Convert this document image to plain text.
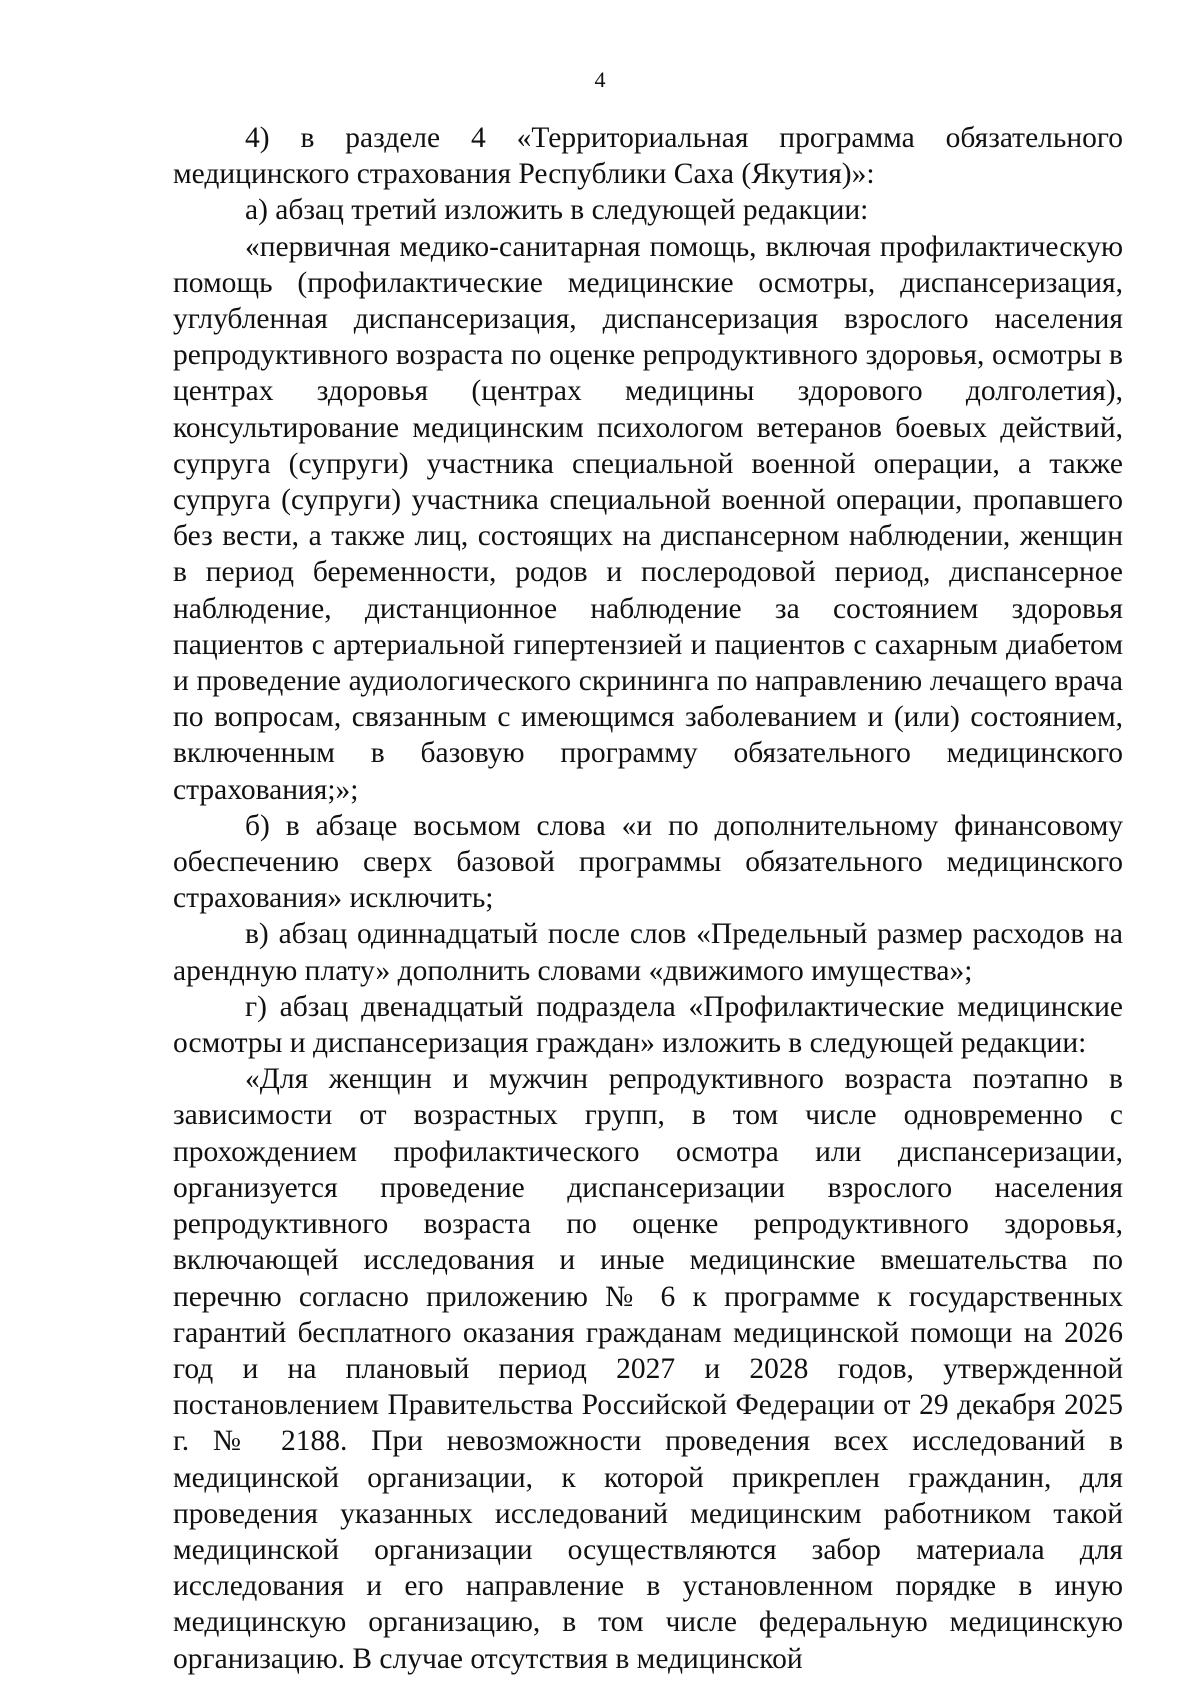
4

4) в разделе 4 «Территориальная программа обязательного медицинского страхования Республики Саха (Якутия)»:

а) абзац третий изложить в следующей редакции:

«первичная медико-санитарная помощь, включая профилактическую помощь (профилактические медицинские осмотры, диспансеризация, углубленная диспансеризация, диспансеризация взрослого населения репродуктивного возраста по оценке репродуктивного здоровья, осмотры в центрах здоровья (центрах медицины здорового долголетия), консультирование медицинским психологом ветеранов боевых действий, супруга (супруги) участника специальной военной операции, а также супруга (супруги) участника специальной военной операции, пропавшего без вести, а также лиц, состоящих на диспансерном наблюдении, женщин в период беременности, родов и послеродовой период, диспансерное наблюдение, дистанционное наблюдение за состоянием здоровья пациентов с артериальной гипертензией и пациентов с сахарным диабетом и проведение аудиологического скрининга по направлению лечащего врача по вопросам, связанным с имеющимся заболеванием и (или) состоянием, включенным в базовую программу обязательного медицинского страхования;»;

б) в абзаце восьмом слова «и по дополнительному финансовому обеспечению сверх базовой программы обязательного медицинского страхования» исключить;

в) абзац одиннадцатый после слов «Предельный размер расходов на арендную плату» дополнить словами «движимого имущества»;

г) абзац двенадцатый подраздела «Профилактические медицинские осмотры и диспансеризация граждан» изложить в следующей редакции:

«Для женщин и мужчин репродуктивного возраста поэтапно в зависимости от возрастных групп, в том числе одновременно с прохождением профилактического осмотра или диспансеризации, организуется проведение диспансеризации взрослого населения репродуктивного возраста по оценке репродуктивного здоровья, включающей исследования и иные медицинские вмешательства по перечню согласно приложению № 6 к программе к государственных гарантий бесплатного оказания гражданам медицинской помощи на 2026 год и на плановый период 2027 и 2028 годов, утвержденной постановлением Правительства Российской Федерации от 29 декабря 2025 г. № 2188. При невозможности проведения всех исследований в медицинской организации, к которой прикреплен гражданин, для проведения указанных исследований медицинским работником такой медицинской организации осуществляются забор материала для исследования и его направление в установленном порядке в иную медицинскую организацию, в том числе федеральную медицинскую организацию. В случае отсутствия в медицинской
